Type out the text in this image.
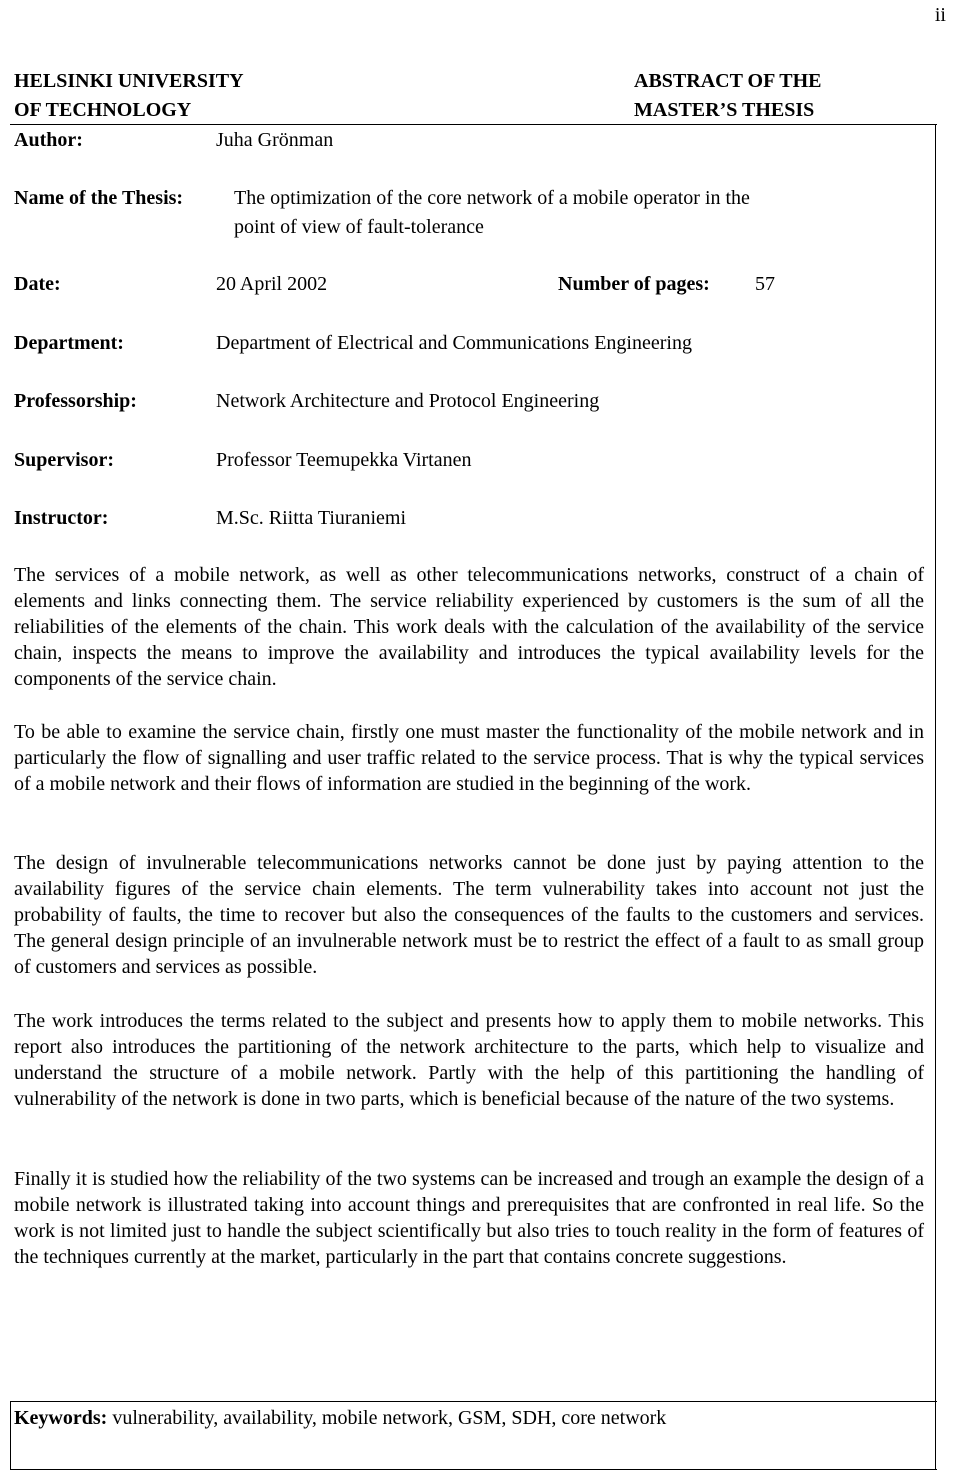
ii
HELSINKI UNIVERSITY
OF TECHNOLOGY
ABSTRACT OF THE
MASTER’S THESIS
Author:	Juha Grönman
Name of the Thesis:	The optimization of the core network of a mobile operator in the
point of view of fault-tolerance
Date:	20 April 2002	Number of pages: 57
Department:	Department of Electrical and Communications Engineering
Professorship:	Network Architecture and Protocol Engineering
Supervisor:	Professor Teemupekka Virtanen
Instructor:	M.Sc. Riitta Tiuraniemi
The services of a mobile network, as well as other telecommunications networks, construct of a chain of elements and links connecting them. The service reliability experienced by customers is the sum of all the reliabilities of the elements of the chain. This work deals with the calculation of the availability of the service chain, inspects the means to improve the availability and introduces the typical availability levels for the components of the service chain.
To be able to examine the service chain, firstly one must master the functionality of the mobile network and in particularly the flow of signalling and user traffic related to the service process. That is why the typical services of a mobile network and their flows of information are studied in the beginning of the work.
The design of invulnerable telecommunications networks cannot be done just by paying attention to the availability figures of the service chain elements. The term vulnerability takes into account not just the probability of faults, the time to recover but also the consequences of the faults to the customers and services. The general design principle of an invulnerable network must be to restrict the effect of a fault to as small group of customers and services as possible.
The work introduces the terms related to the subject and presents how to apply them to mobile networks. This report also introduces the partitioning of the network architecture to the parts, which help to visualize and understand the structure of a mobile network. Partly with the help of this partitioning the handling of vulnerability of the network is done in two parts, which is beneficial because of the nature of the two systems.
Finally it is studied how the reliability of the two systems can be increased and trough an example the design of a mobile network is illustrated taking into account things and prerequisites that are confronted in real life. So the work is not limited just to handle the subject scientifically but also tries to touch reality in the form of features of the techniques currently at the market, particularly in the part that contains concrete suggestions.
Keywords: vulnerability, availability, mobile network, GSM, SDH, core network
